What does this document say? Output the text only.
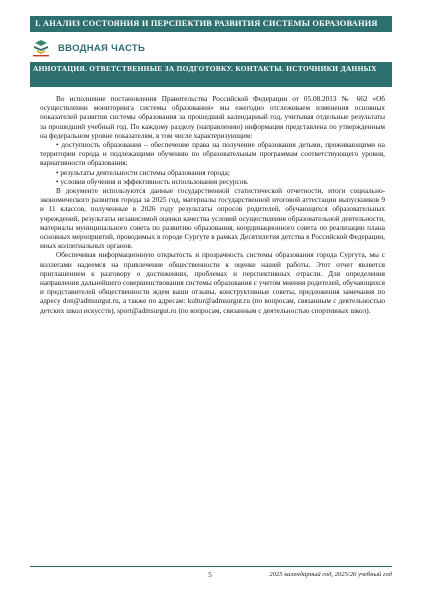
I. АНАЛИЗ СОСТОЯНИЯ И ПЕРСПЕКТИВ РАЗВИТИЯ СИСТЕМЫ ОБРАЗОВАНИЯ
ВВОДНАЯ ЧАСТЬ
АННОТАЦИЯ. ОТВЕТСТВЕННЫЕ ЗА ПОДГОТОВКУ. КОНТАКТЫ. ИСТОЧНИКИ ДАННЫХ

Во исполнение постановления Правительства Российской Федерации от 05.08.2013 № 662 «Об осуществлении мониторинга системы образования» мы ежегодно отслеживаем изменения основных показателей развития системы образования за прошедший календарный год, учитывая отдельные результаты за прошедший учебный год. По каждому разделу (направлению) информация представлена по утвержденным на федеральном уровне показателям, в том числе характеризующим:

• доступность образования – обеспечение права на получение образования детьми, проживающими на территории города и подлежащими обучению по образовательным программам соответствующего уровня, вариативности образования;
• результаты деятельности системы образования города;
• условия обучения и эффективность использования ресурсов.

В документе используются данные государственной статистической отчетности, итоги социально-экономического развития города за 2025 год, материалы государственной итоговой аттестации выпускников 9 и 11 классов, полученные в 2026 году результаты опросов родителей, обучающихся образовательных учреждений, результаты независимой оценки качества условий осуществления образовательной деятельности, материалы муниципального совета по развитию образования, координационного совета по реализации плана основных мероприятий, проводимых в городе Сургуте в рамках Десятилетия детства в Российской Федерации, иных коллегиальных органов.

Обеспечивая информационную открытость и прозрачность системы образования города Сургута, мы с коллегами надеемся на привлечение общественности к оценке нашей работы. Этот отчет является приглашением к разговору о достижениях, проблемах и перспективных отрасли. Для определения направления дальнейшего совершенствования системы образования с учетом мнения родителей, обучающихся и представителей общественности ждем ваши отзывы, конструктивные советы, предложения замечания по адресу don@admsurgut.ru, а также по адресам: kultur@admsurgut.ru (по вопросам, связанным с деятельностью детских школ искусств), sport@admsurgut.ru (по вопросам, связанным с деятельностью спортивных школ).

5	2025 календарный год, 2025/26 учебный год
